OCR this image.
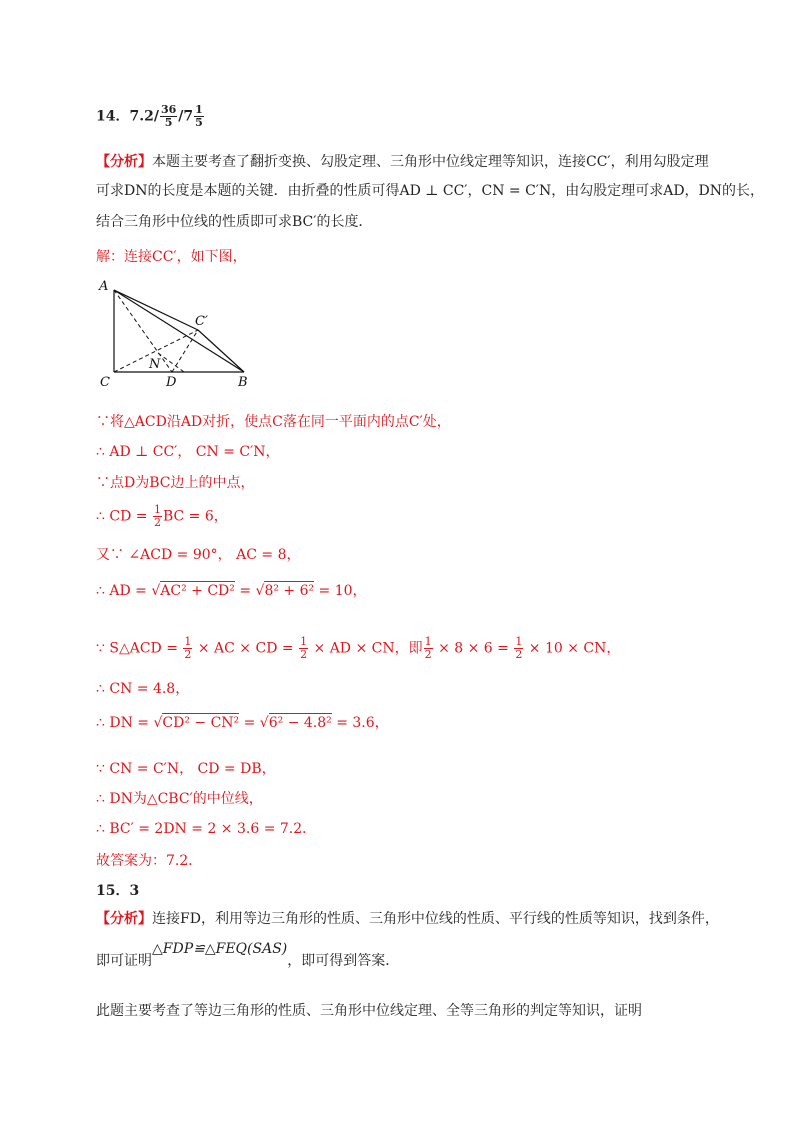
14．$7.2/ \frac{36}{5} /7 \frac{1}{5}$
【分析】本题主要考查了翻折变换、勾股定理、三角形中位线定理等知识，连接CC′，利用勾股定理
可求DN的长度是本题的关键．由折叠的性质可得AD ⊥ CC′，CN = C′N，由勾股定理可求AD，DN的长，
结合三角形中位线的性质即可求BC′的长度．
解：连接CC′，如下图，
A
C	D	B
N
C′
∵将△ACD沿AD对折，使点C落在同一平面内的点C′处，
∴ AD ⊥ CC′， CN = C′N，
∵点D为BC边上的中点，
∴ CD = $\frac{1}{2}$ BC = 6，
又∵ ∠ACD = 90°， AC = 8，
∴ AD = √AC² + CD² = √8² + 6² = 10，
∵ S△ACD = $\frac{1}{2}$ × AC × CD = $\frac{1}{2}$ × AD × CN，即 $\frac{1}{2} \times 8 \times 6 = \frac{1}{2} \times 10$ × CN，
∴ CN = 4.8，
∴ DN = √CD² − CN² = √6² − 4.8² = 3.6，
∵ CN = C′N， CD = DB，
∴ DN为△CBC′的中位线，
∴ BC′ = 2DN = 2 × 3.6 = 7.2．
故答案为：7.2．
15．3
【分析】连接FD，利用等边三角形的性质、三角形中位线的性质、平行线的性质等知识，找到条件，
即可证明△FDP≌△FEQ(SAS)，即可得到答案．
此题主要考查了等边三角形的性质、三角形中位线定理、全等三角形的判定等知识，证明
